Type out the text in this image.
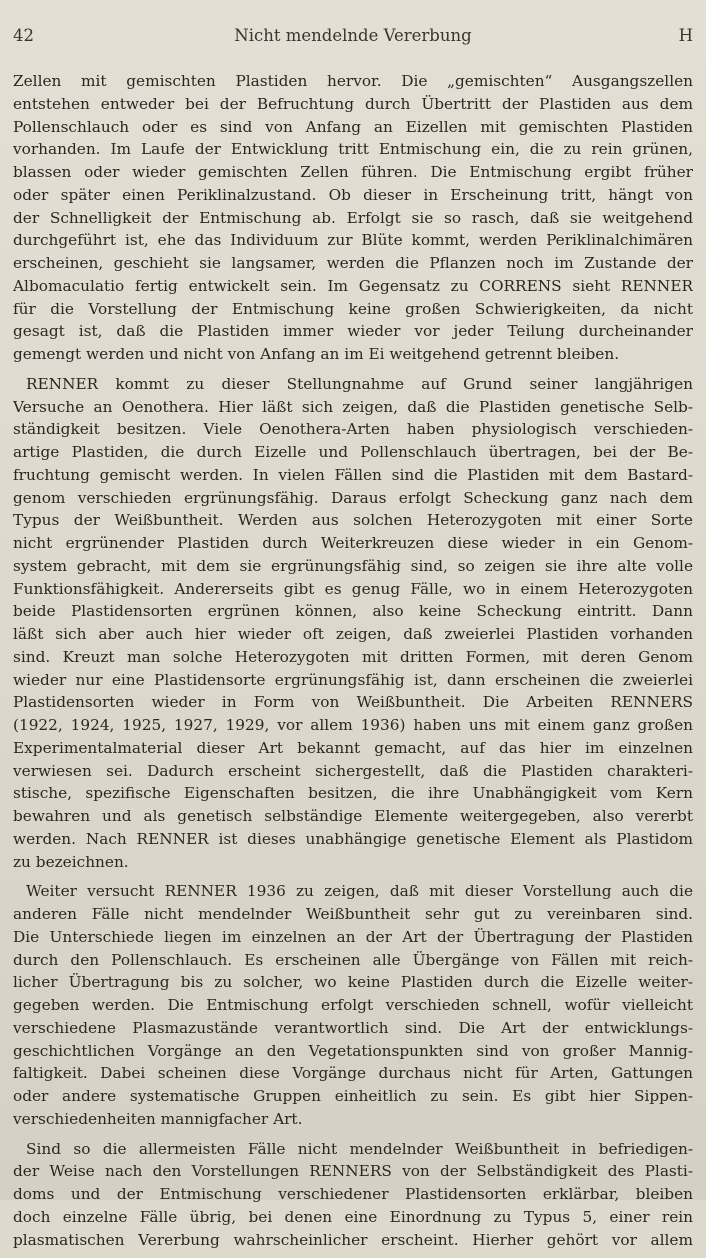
42	Nicht mendelnde Vererbung	H
Zellen mit gemischten Plastiden hervor. Die „gemischten“ Ausgangszellen
entstehen entweder bei der Befruchtung durch Übertritt der Plastiden aus dem
Pollenschlauch oder es sind von Anfang an Eizellen mit gemischten Plastiden
vorhanden. Im Laufe der Entwicklung tritt Entmischung ein, die zu rein grünen,
blassen oder wieder gemischten Zellen führen. Die Entmischung ergibt früher
oder später einen Periklinalzustand. Ob dieser in Erscheinung tritt, hängt von
der Schnelligkeit der Entmischung ab. Erfolgt sie so rasch, daß sie weitgehend
durchgeführt ist, ehe das Individuum zur Blüte kommt, werden Periklinalchimären
erscheinen, geschieht sie langsamer, werden die Pflanzen noch im Zustande der
Albomaculatio fertig entwickelt sein. Im Gegensatz zu CORRENS sieht RENNER
für die Vorstellung der Entmischung keine großen Schwierigkeiten, da nicht
gesagt ist, daß die Plastiden immer wieder vor jeder Teilung durcheinander
gemengt werden und nicht von Anfang an im Ei weitgehend getrennt bleiben.
RENNER kommt zu dieser Stellungnahme auf Grund seiner langjährigen
Versuche an Oenothera. Hier läßt sich zeigen, daß die Plastiden genetische Selb-
ständigkeit besitzen. Viele Oenothera-Arten haben physiologisch verschieden-
artige Plastiden, die durch Eizelle und Pollenschlauch übertragen, bei der Be-
fruchtung gemischt werden. In vielen Fällen sind die Plastiden mit dem Bastard-
genom verschieden ergrünungsfähig. Daraus erfolgt Scheckung ganz nach dem
Typus der Weißbuntheit. Werden aus solchen Heterozygoten mit einer Sorte
nicht ergrünender Plastiden durch Weiterkreuzen diese wieder in ein Genom-
system gebracht, mit dem sie ergrünungsfähig sind, so zeigen sie ihre alte volle
Funktionsfähigkeit. Andererseits gibt es genug Fälle, wo in einem Heterozygoten
beide Plastidensorten ergrünen können, also keine Scheckung eintritt. Dann
läßt sich aber auch hier wieder oft zeigen, daß zweierlei Plastiden vorhanden
sind. Kreuzt man solche Heterozygoten mit dritten Formen, mit deren Genom
wieder nur eine Plastidensorte ergrünungsfähig ist, dann erscheinen die zweierlei
Plastidensorten wieder in Form von Weißbuntheit. Die Arbeiten RENNERS
(1922, 1924, 1925, 1927, 1929, vor allem 1936) haben uns mit einem ganz großen
Experimentalmaterial dieser Art bekannt gemacht, auf das hier im einzelnen
verwiesen sei. Dadurch erscheint sichergestellt, daß die Plastiden charakteri-
stische, spezifische Eigenschaften besitzen, die ihre Unabhängigkeit vom Kern
bewahren und als genetisch selbständige Elemente weitergegeben, also vererbt
werden. Nach RENNER ist dieses unabhängige genetische Element als Plastidom
zu bezeichnen.
Weiter versucht RENNER 1936 zu zeigen, daß mit dieser Vorstellung auch die
anderen Fälle nicht mendelnder Weißbuntheit sehr gut zu vereinbaren sind.
Die Unterschiede liegen im einzelnen an der Art der Übertragung der Plastiden
durch den Pollenschlauch. Es erscheinen alle Übergänge von Fällen mit reich-
licher Übertragung bis zu solcher, wo keine Plastiden durch die Eizelle weiter-
gegeben werden. Die Entmischung erfolgt verschieden schnell, wofür vielleicht
verschiedene Plasmazustände verantwortlich sind. Die Art der entwicklungs-
geschichtlichen Vorgänge an den Vegetationspunkten sind von großer Mannig-
faltigkeit. Dabei scheinen diese Vorgänge durchaus nicht für Arten, Gattungen
oder andere systematische Gruppen einheitlich zu sein. Es gibt hier Sippen-
verschiedenheiten mannigfacher Art.
Sind so die allermeisten Fälle nicht mendelnder Weißbuntheit in befriedigen-
der Weise nach den Vorstellungen RENNERS von der Selbständigkeit des Plasti-
doms und der Entmischung verschiedener Plastidensorten erklärbar, bleiben
doch einzelne Fälle übrig, bei denen eine Einordnung zu Typus 5, einer rein
plasmatischen Vererbung wahrscheinlicher erscheint. Hierher gehört vor allem
